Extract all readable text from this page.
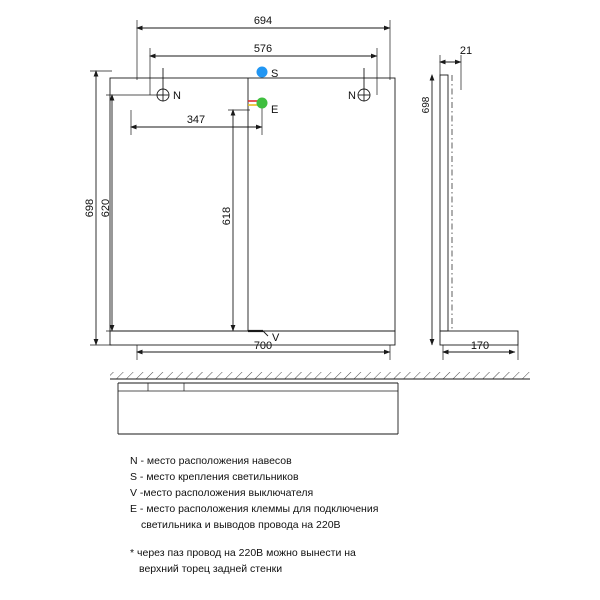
694
576
347
700
698 620	618
21
170
698
N	N
S
E
V
N - место расположения навесов
S - место крепления светильников
V -место расположения выключателя
E - место расположения клеммы для подключения
светильника и выводов провода на 220В
* через паз провод на 220В можно вынести на
верхний торец задней стенки
